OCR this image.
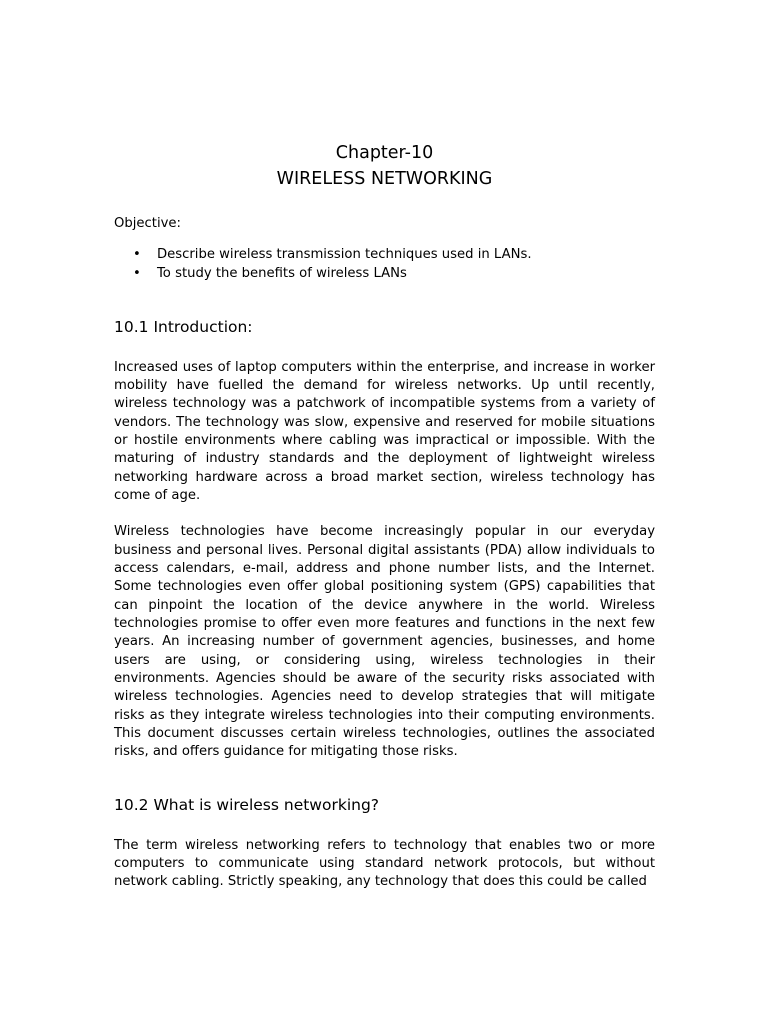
Chapter-10
WIRELESS NETWORKING
Objective:
• Describe wireless transmission techniques used in LANs.
• To study the benefits of wireless LANs
10.1 Introduction:

Increased uses of laptop computers within the enterprise, and increase in worker mobility have fuelled the demand for wireless networks. Up until recently, wireless technology was a patchwork of incompatible systems from a variety of vendors. The technology was slow, expensive and reserved for mobile situations or hostile environments where cabling was impractical or impossible. With the maturing of industry standards and the deployment of lightweight wireless networking hardware across a broad market section, wireless technology has come of age.

Wireless technologies have become increasingly popular in our everyday business and personal lives. Personal digital assistants (PDA) allow individuals to access calendars, e-mail, address and phone number lists, and the Internet. Some technologies even offer global positioning system (GPS) capabilities that can pinpoint the location of the device anywhere in the world. Wireless technologies promise to offer even more features and functions in the next few years. An increasing number of government agencies, businesses, and home users are using, or considering using, wireless technologies in their environments. Agencies should be aware of the security risks associated with wireless technologies. Agencies need to develop strategies that will mitigate risks as they integrate wireless technologies into their computing environments. This document discusses certain wireless technologies, outlines the associated risks, and offers guidance for mitigating those risks.

10.2 What is wireless networking?

The term wireless networking refers to technology that enables two or more computers to communicate using standard network protocols, but without network cabling. Strictly speaking, any technology that does this could be called
